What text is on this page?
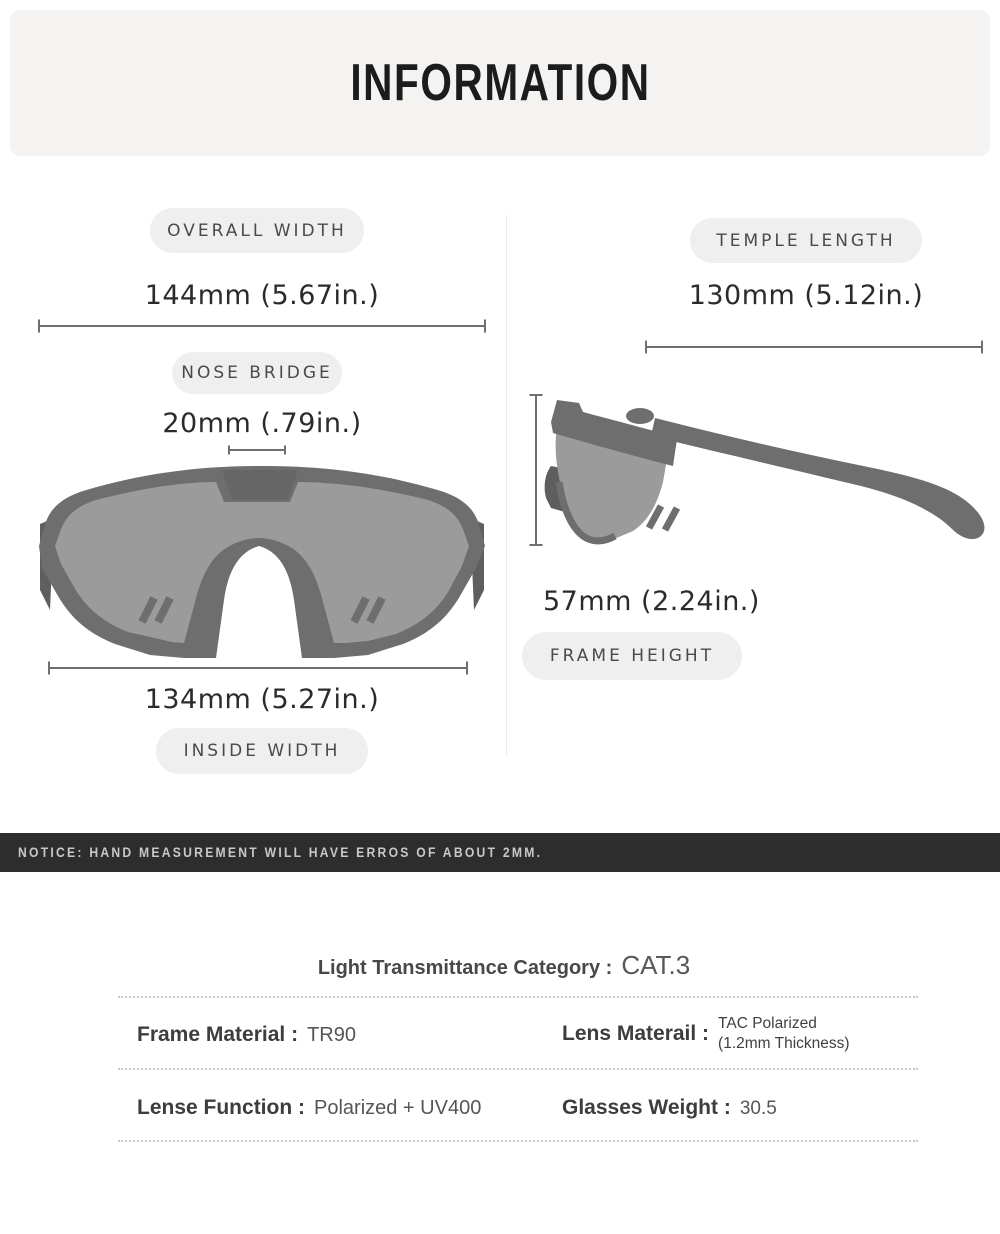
INFORMATION
OVERALL WIDTH
144mm (5.67in.)
NOSE BRIDGE
20mm (.79in.)
134mm (5.27in.)
INSIDE WIDTH
TEMPLE LENGTH
130mm (5.12in.)
57mm (2.24in.)
FRAME HEIGHT
NOTICE: HAND MEASUREMENT WILL HAVE ERROS OF ABOUT 2MM.
Light Transmittance Category : CAT.3
Frame Material : TR90	Lens Materail : TAC Polarized
(1.2mm Thickness)
Lense Function : Polarized + UV400	Glasses Weight : 30.5
